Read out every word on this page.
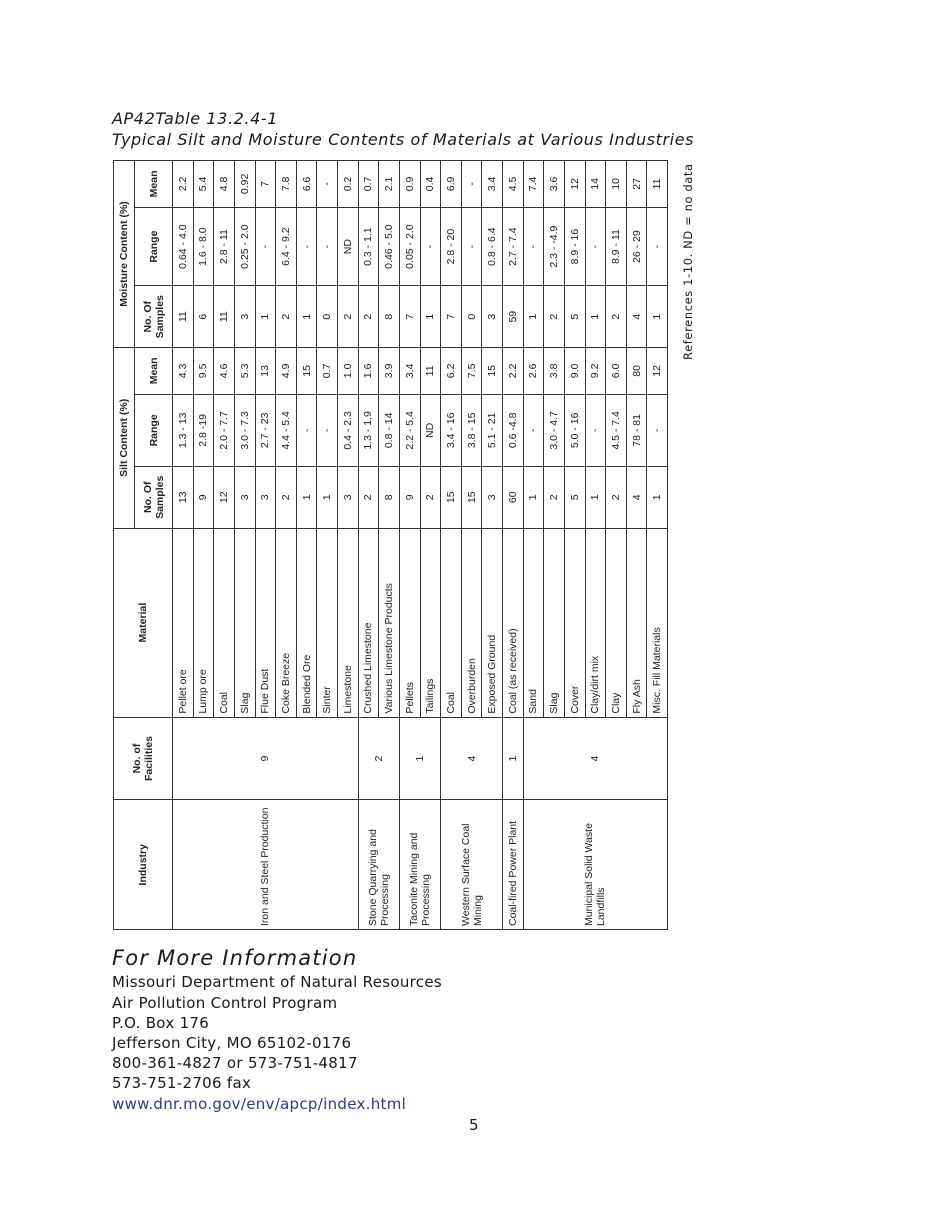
AP42Table 13.2.4-1
Typical Silt and Moisture Contents of Materials at Various Industries
Industry	No. of Facilities	Material	Silt Content (%)			Moisture Content (%)			
			No. Of Samples	Range	Mean	No. Of Samples	Range	Mean	
Iron and Steel Production	9	Pellet ore	13	1.3 - 13	4.3	11	0.64 - 4.0	2.2	
		Lump ore	9	2.8 -19	9.5	6	1.6 - 8.0	5.4	
		Coal	12	2.0 - 7.7	4.6	11	2.8 - 11	4.8	
		Slag	3	3.0 - 7.3	5.3	3	0.25 - 2.0	0.92	
		Flue Dust	3	2.7 - 23	13	1	-	7	
		Coke Breeze	2	4.4 - 5.4	4.9	2	6.4 - 9.2	7.8	
		Blended Ore	1	-	15	1	-	6.6	
		Sinter	1	-	0.7	0	-	-	
		Limestone	3	0.4 - 2.3	1.0	2	ND	0.2	
Stone Quarrying and Processing	2	Crushed Limestone	2	1.3 - 1.9	1.6	2	0.3 - 1.1	0.7	
		Various Limestone Products	8	0.8 - 14	3.9	8	0.46 - 5.0	2.1	
Taconite Mining and Processing	1	Pellets	9	2.2 - 5.4	3.4	7	0.05 - 2.0	0.9	
		Tailings	2	ND	11	1	-	0.4	
Western Surface Coal Mining	4	Coal	15	3.4 - 16	6.2	7	2.8 - 20	6.9	
		Overburden	15	3.8 - 15	7.5	0	-	-	
		Exposed Ground	3	5.1 - 21	15	3	0.8 - 6.4	3.4	
Coal-fired Power Plant	1	Coal (as received)	60	0.6 -4.8	2.2	59	2.7 - 7.4	4.5	
Municipal Solid Waste Landfills	4	Sand	1	-	2.6	1	-	7.4	
		Slag	2	3.0 - 4.7	3.8	2	2.3 - -4.9	3.6	
		Cover	5	5.0 - 16	9.0	5	8.9 - 16	12	
		Clay/dirt mix	1	-	9.2	1	-	14	
		Clay	2	4.5 - 7.4	6.0	2	8.9 - 11	10	
		Fly Ash	4	78 - 81	80	4	26 - 29	27	
		Misc. Fill Materials	1	-	12	1	-	11	References 1-10. ND = no data
For More Information
Missouri Department of Natural Resources
Air Pollution Control Program
P.O. Box 176
Jefferson City, MO 65102-0176
800-361-4827 or 573-751-4817
573-751-2706 fax
www.dnr.mo.gov/env/apcp/index.html
5
